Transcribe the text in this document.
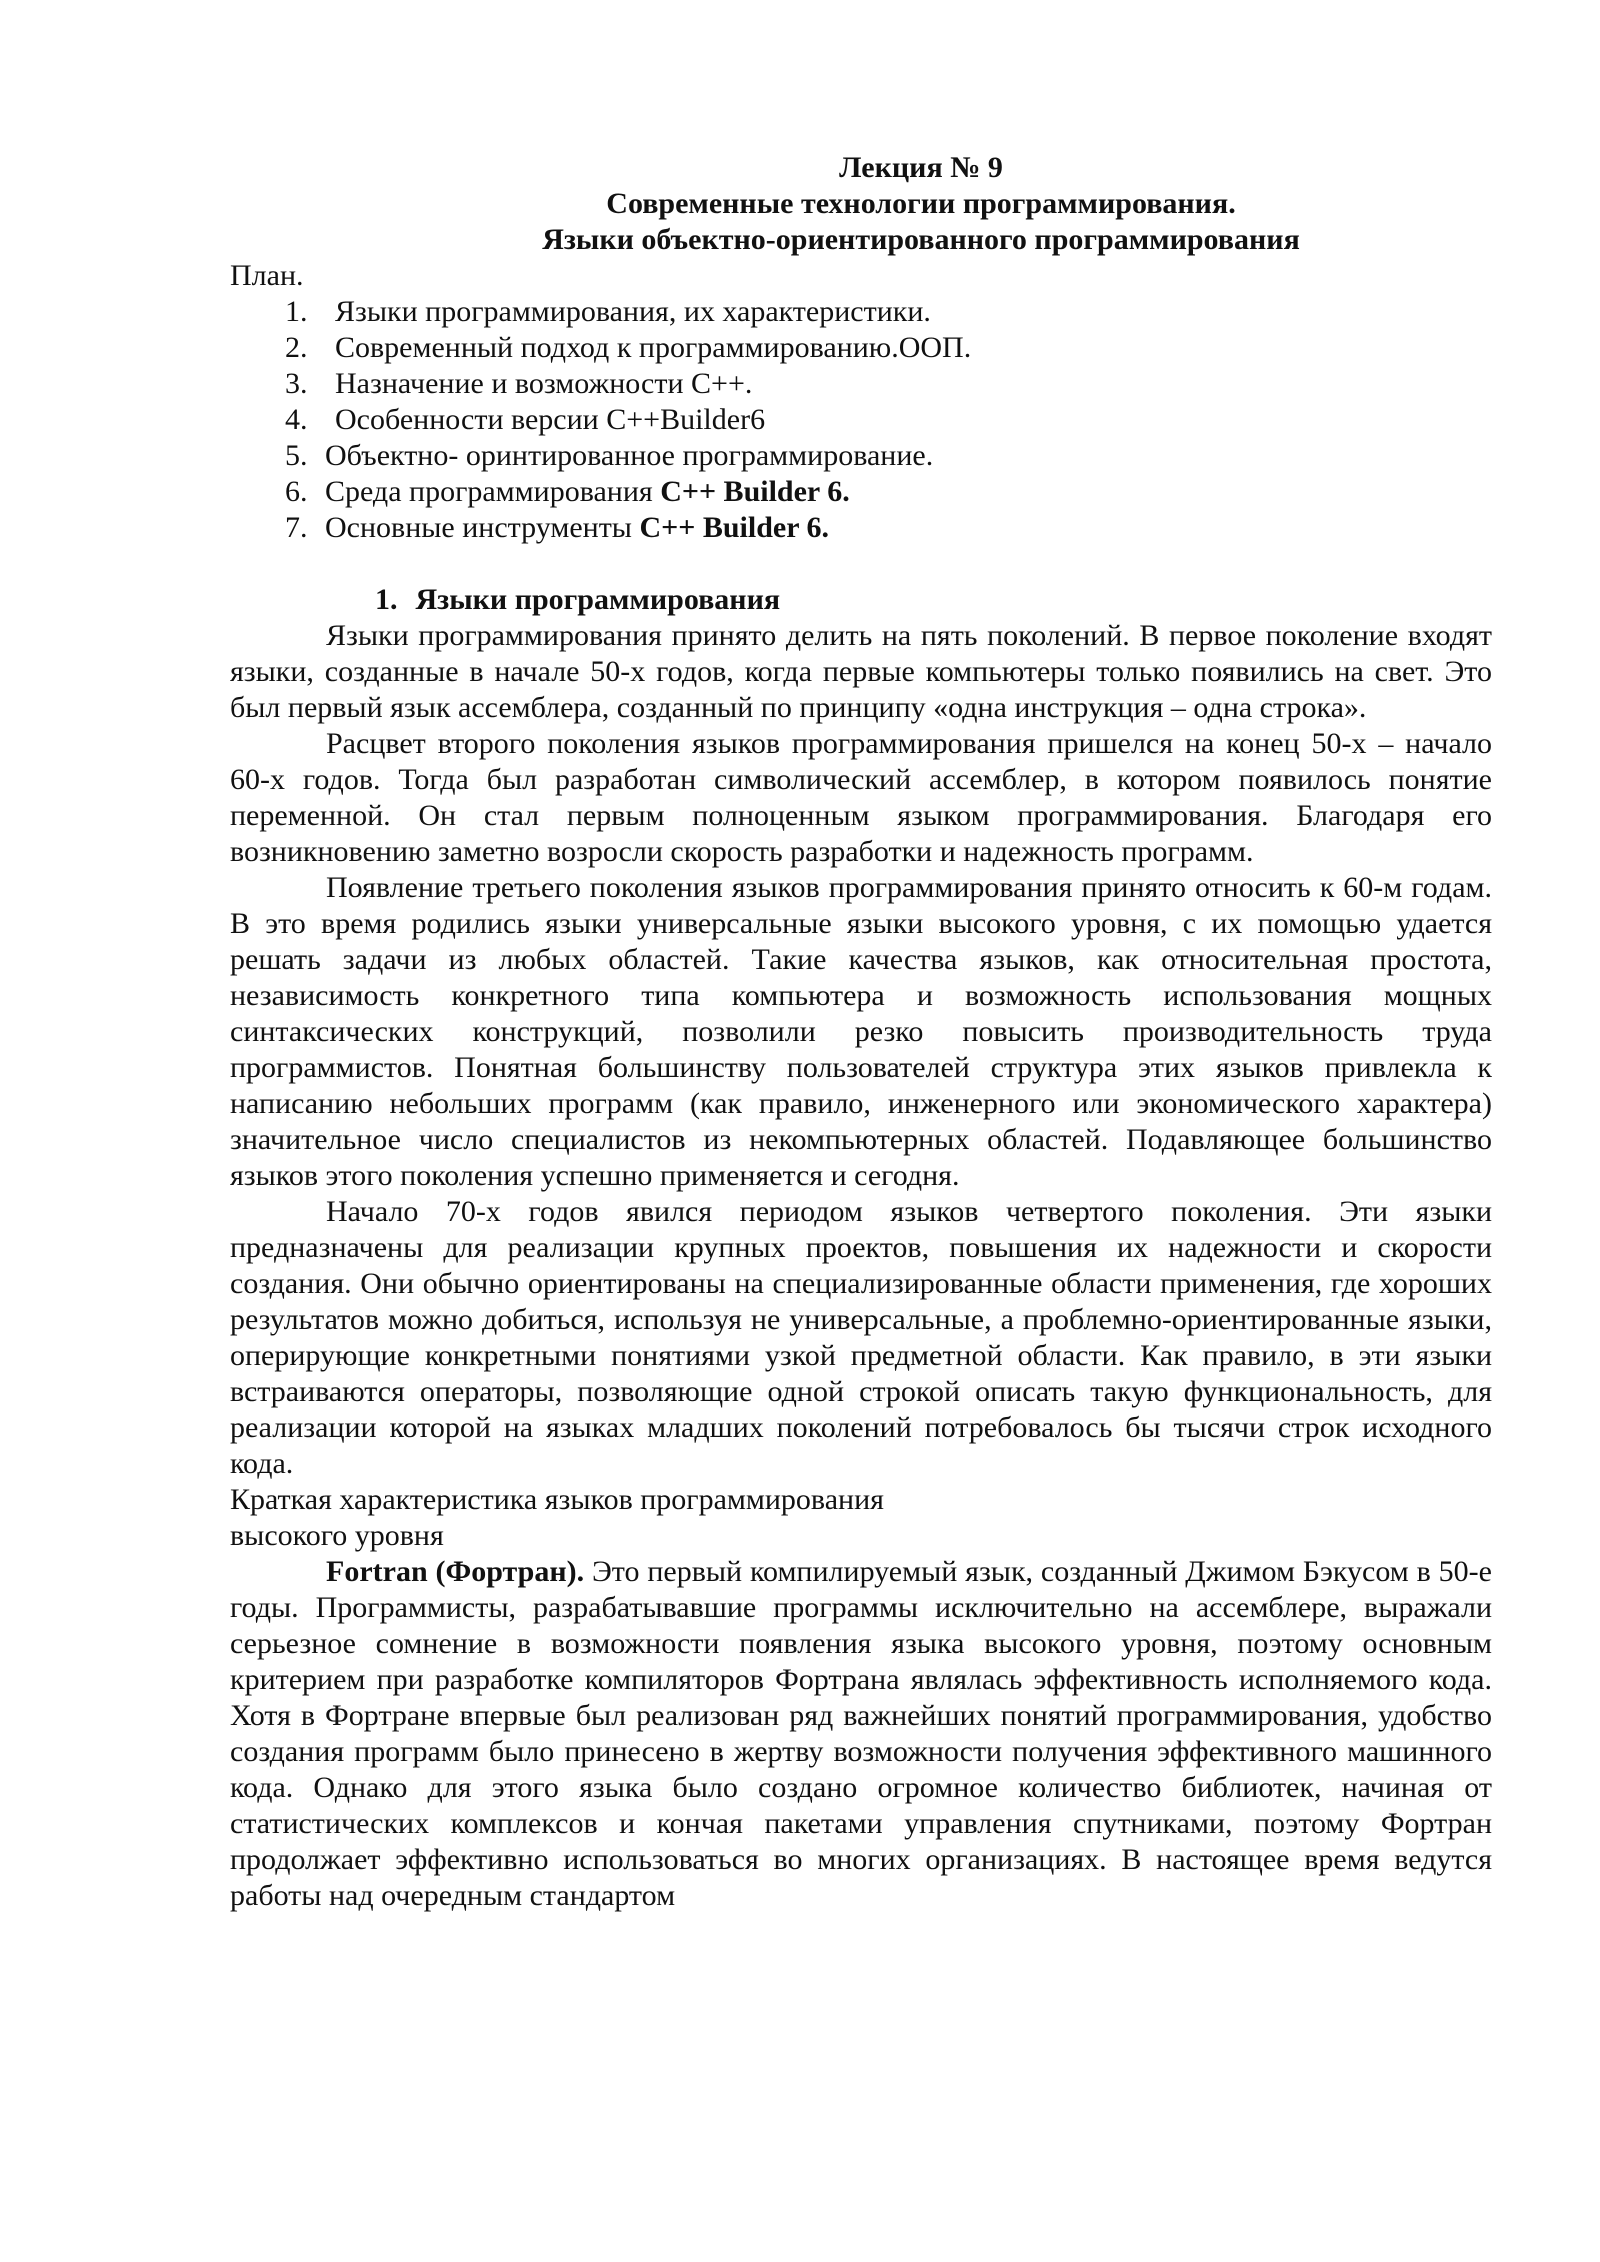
Лекция № 9
Современные технологии программирования.
Языки объектно-ориентированного программирования

План.

1. Языки программирования, их характеристики.
2. Современный подход к программированию.ООП.
3. Назначение и возможности С++.
4. Особенности версии С++Builder6
5. Объектно- оринтированное программирование.
6. Среда программирования C++ Builder 6.
7. Основные инструменты C++ Builder 6.
1. Языки программирования

Языки программирования принято делить на пять поколений. В первое поколение входят языки, созданные в начале 50-х годов, когда первые компьютеры только появились на свет. Это был первый язык ассемблера, созданный по принципу «одна инструкция – одна строка».

Расцвет второго поколения языков программирования пришелся на конец 50-х – начало 60-х годов. Тогда был разработан символический ассемблер, в котором появилось понятие переменной. Он стал первым полноценным языком программирования. Благодаря его возникновению заметно возросли скорость разработки и надежность программ.

Появление третьего поколения языков программирования принято относить к 60-м годам. В это время родились языки универсальные языки высокого уровня, с их помощью удается решать задачи из любых областей. Такие качества языков, как относительная простота, независимость конкретного типа компьютера и возможность использования мощных синтаксических конструкций, позволили резко повысить производительность труда программистов. Понятная большинству пользователей структура этих языков привлекла к написанию небольших программ (как правило, инженерного или экономического характера) значительное число специалистов из некомпьютерных областей. Подавляющее большинство языков этого поколения успешно применяется и сегодня.

Начало 70-х годов явился периодом языков четвертого поколения. Эти языки предназначены для реализации крупных проектов, повышения их надежности и скорости создания. Они обычно ориентированы на специализированные области применения, где хороших результатов можно добиться, используя не универсальные, а проблемно-ориентированные языки, оперирующие конкретными понятиями узкой предметной области. Как правило, в эти языки встраиваются операторы, позволяющие одной строкой описать такую функциональность, для реализации которой на языках младших поколений потребовалось бы тысячи строк исходного кода.

Краткая характеристика языков программирования

высокого уровня

Fortran (Фортран). Это первый компилируемый язык, созданный Джимом Бэкусом в 50-е годы. Программисты, разрабатывавшие программы исключительно на ассемблере, выражали серьезное сомнение в возможности появления языка высокого уровня, поэтому основным критерием при разработке компиляторов Фортрана являлась эффективность исполняемого кода. Хотя в Фортране впервые был реализован ряд важнейших понятий программирования, удобство создания программ было принесено в жертву возможности получения эффективного машинного кода. Однако для этого языка было создано огромное количество библиотек, начиная от статистических комплексов и кончая пакетами управления спутниками, поэтому Фортран продолжает эффективно использоваться во многих организациях. В настоящее время ведутся работы над очередным стандартом
